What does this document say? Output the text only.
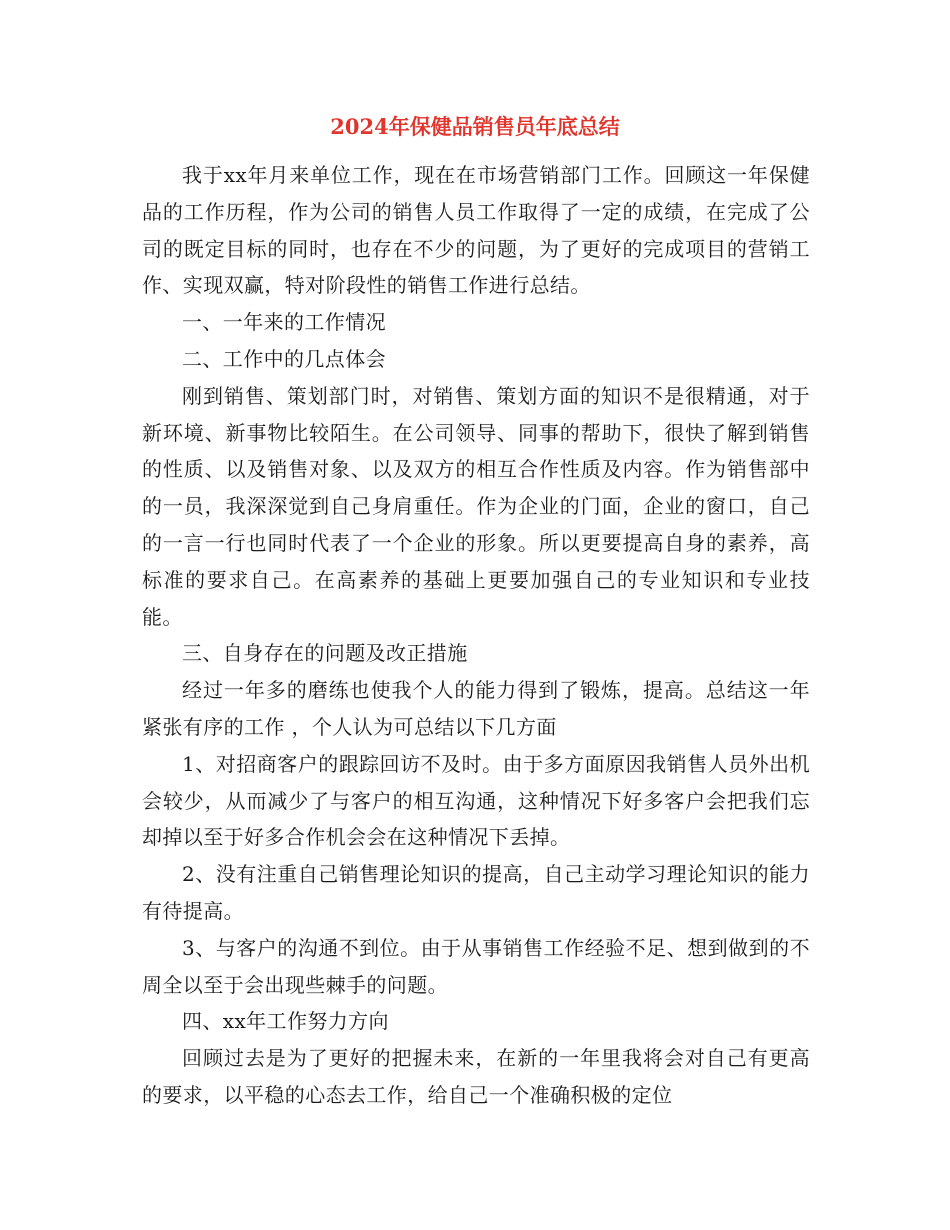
2024年保健品销售员年底总结

我于xx年月来单位工作，现在在市场营销部门工作。回顾这一年保健品的工作历程，作为公司的销售人员工作取得了一定的成绩，在完成了公司的既定目标的同时，也存在不少的问题，为了更好的完成项目的营销工作、实现双赢，特对阶段性的销售工作进行总结。

一、一年来的工作情况

二、工作中的几点体会

刚到销售、策划部门时，对销售、策划方面的知识不是很精通，对于新环境、新事物比较陌生。在公司领导、同事的帮助下，很快了解到销售的性质、以及销售对象、以及双方的相互合作性质及内容。作为销售部中的一员，我深深觉到自己身肩重任。作为企业的门面，企业的窗口，自己的一言一行也同时代表了一个企业的形象。所以更要提高自身的素养，高标准的要求自己。在高素养的基础上更要加强自己的专业知识和专业技能。

三、自身存在的问题及改正措施

经过一年多的磨练也使我个人的能力得到了锻炼，提高。总结这一年紧张有序的工作 ，个人认为可总结以下几方面

1、对招商客户的跟踪回访不及时。由于多方面原因我销售人员外出机会较少，从而减少了与客户的相互沟通，这种情况下好多客户会把我们忘却掉以至于好多合作机会会在这种情况下丢掉。

2、没有注重自己销售理论知识的提高，自己主动学习理论知识的能力有待提高。

3、与客户的沟通不到位。由于从事销售工作经验不足、想到做到的不周全以至于会出现些棘手的问题。

四、xx年工作努力方向

回顾过去是为了更好的把握未来，在新的一年里我将会对自己有更高的要求，以平稳的心态去工作，给自己一个准确积极的定位
